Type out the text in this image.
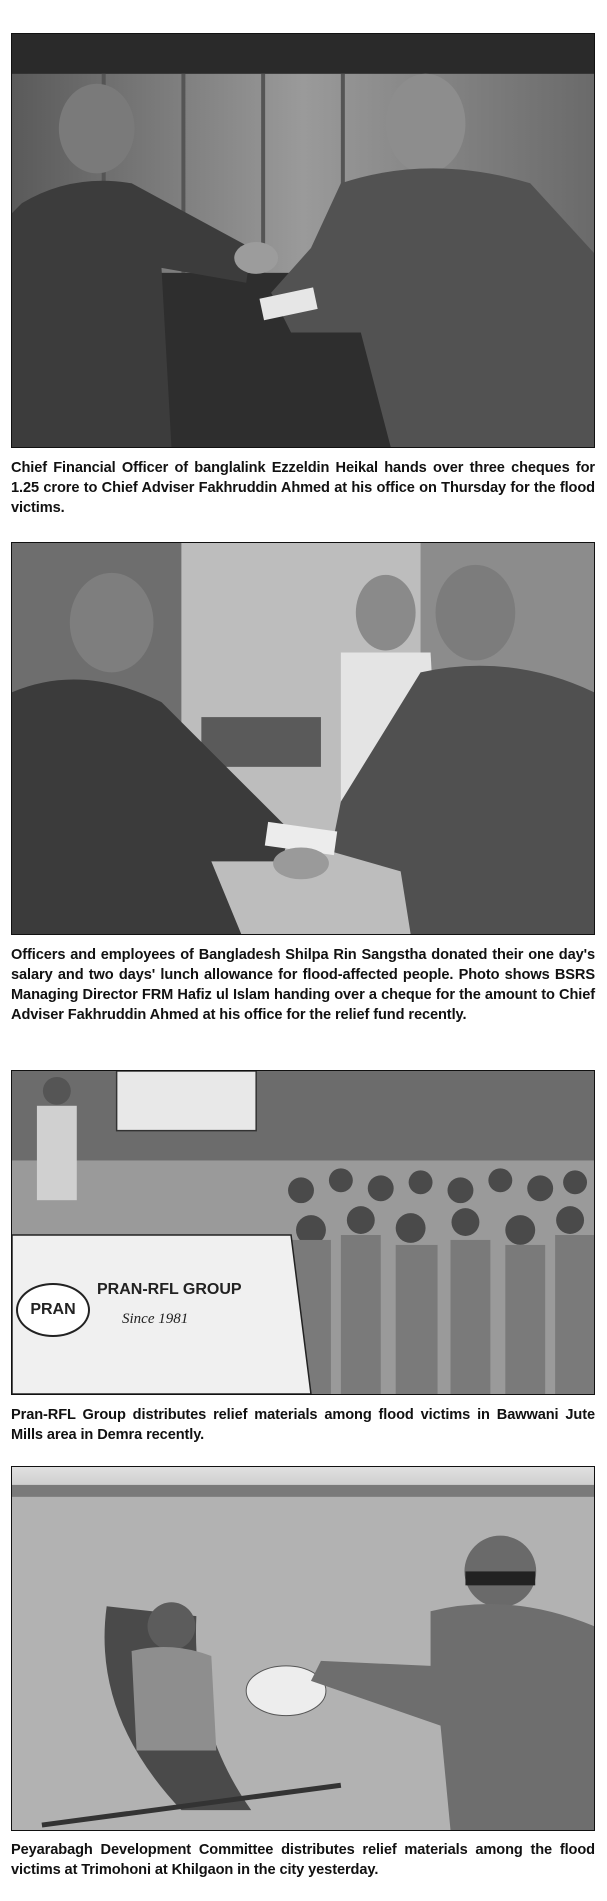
Chief Financial Officer of banglalink Ezzeldin Heikal hands over three cheques for 1.25 crore to Chief Adviser Fakhruddin Ahmed at his office on Thursday for the flood victims.

Officers and employees of Bangladesh Shilpa Rin Sangstha donated their one day's salary and two days' lunch allowance for flood-affected people. Photo shows BSRS Managing Director FRM Hafiz ul Islam handing over a cheque for the amount to Chief Adviser Fakhruddin Ahmed at his office for the relief fund recently.

PRAN
PRAN-RFL GROUP
Since 1981

Pran-RFL Group distributes relief materials among flood victims in Bawwani Jute Mills area in Demra recently.

Peyarabagh Development Committee distributes relief materials among the flood victims at Trimohoni at Khilgaon in the city yesterday.
